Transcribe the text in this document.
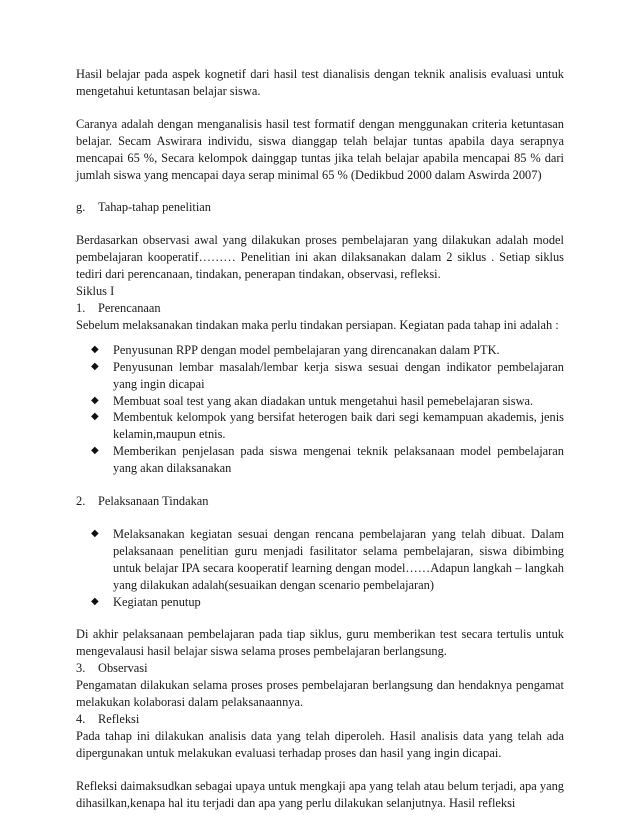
Hasil belajar pada aspek kognetif dari hasil test dianalisis dengan teknik analisis evaluasi untuk mengetahui ketuntasan belajar siswa.

Caranya adalah dengan menganalisis hasil test formatif dengan menggunakan criteria ketuntasan belajar. Secam Aswirara individu, siswa dianggap telah belajar tuntas apabila daya serapnya mencapai 65 %, Secara kelompok dainggap tuntas jika telah belajar apabila mencapai 85 % dari jumlah siswa yang mencapai daya serap minimal 65 % (Dedikbud 2000 dalam Aswirda 2007)

g.	Tahap-tahap penelitian

Berdasarkan observasi awal yang dilakukan proses pembelajaran yang dilakukan adalah model pembelajaran kooperatif……… Penelitian ini akan dilaksanakan dalam 2 siklus . Setiap siklus tediri dari perencanaan, tindakan, penerapan tindakan, observasi, refleksi.

Siklus I

1.	Perencanaan

Sebelum melaksanakan tindakan maka perlu tindakan persiapan. Kegiatan pada tahap ini adalah :

◆ Penyusunan RPP dengan model pembelajaran yang direncanakan dalam PTK.
◆ Penyusunan lembar masalah/lembar kerja siswa sesuai dengan indikator pembelajaran yang ingin dicapai
◆ Membuat soal test yang akan diadakan untuk mengetahui hasil pemebelajaran siswa.
◆ Membentuk kelompok yang bersifat heterogen baik dari segi kemampuan akademis, jenis kelamin,maupun etnis.
◆ Memberikan penjelasan pada siswa mengenai teknik pelaksanaan model pembelajaran yang akan dilaksanakan
2.	Pelaksanaan Tindakan
◆ Melaksanakan kegiatan sesuai dengan rencana pembelajaran yang telah dibuat. Dalam pelaksanaan penelitian guru menjadi fasilitator selama pembelajaran, siswa dibimbing untuk belajar IPA secara kooperatif learning dengan model……Adapun langkah – langkah yang dilakukan adalah(sesuaikan dengan scenario pembelajaran)
◆ Kegiatan penutup

Di akhir pelaksanaan pembelajaran pada tiap siklus, guru memberikan test secara tertulis untuk mengevalausi hasil belajar siswa selama proses pembelajaran berlangsung.

3.	Observasi

Pengamatan dilakukan selama proses proses pembelajaran berlangsung dan hendaknya pengamat melakukan kolaborasi dalam pelaksanaannya.

4.	Refleksi

Pada tahap ini dilakukan analisis data yang telah diperoleh. Hasil analisis data yang telah ada dipergunakan untuk melakukan evaluasi terhadap proses dan hasil yang ingin dicapai.

Refleksi daimaksudkan sebagai upaya untuk mengkaji apa yang telah atau belum terjadi, apa yang dihasilkan,kenapa hal itu terjadi dan apa yang perlu dilakukan selanjutnya. Hasil refleksi
